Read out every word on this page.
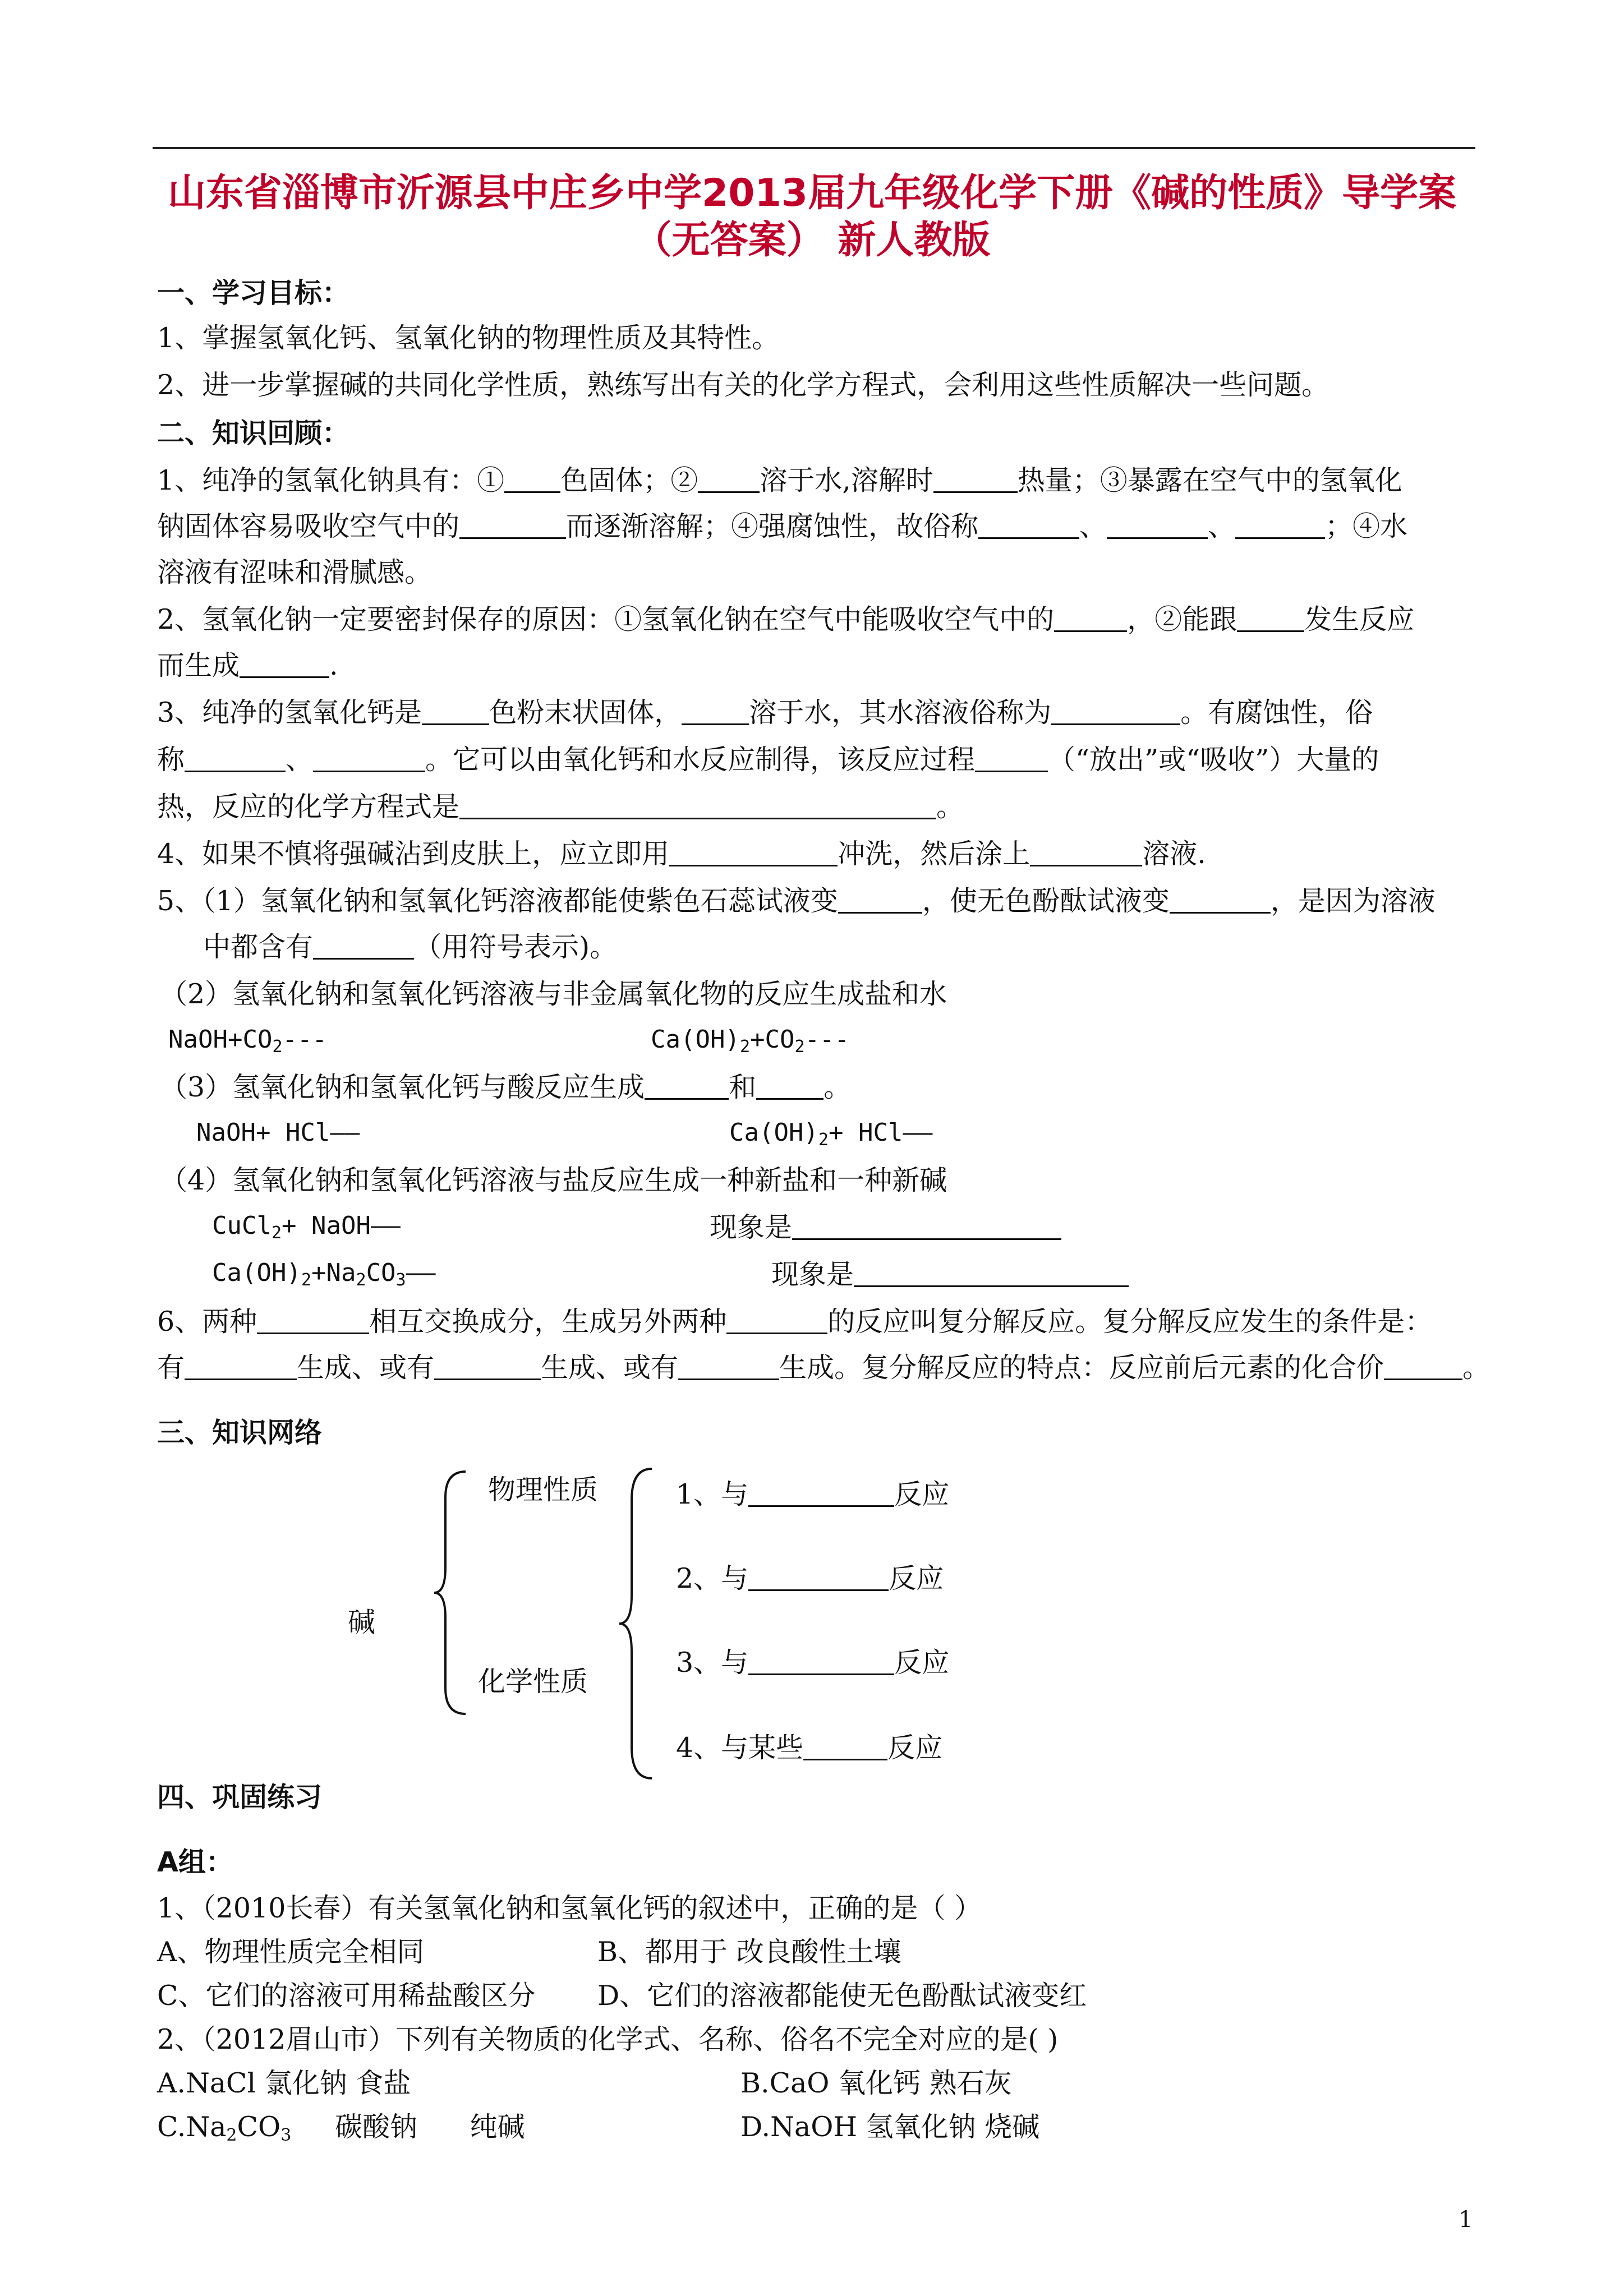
山东省淄博市沂源县中庄乡中学2013届九年级化学下册《碱的性质》导学案
（无答案） 新人教版
一、学习目标：
1、掌握氢氧化钙、氢氧化钠的物理性质及其特性。
2、进一步掌握碱的共同化学性质，熟练写出有关的化学方程式，会利用这些性质解决一些问题。
二、知识回顾：
1、纯净的氢氧化钠具有：① 色固体；② 溶于水,溶解时	热量；③暴露在空气中的氢氧化
钠固体容易吸收空气中的	而逐渐溶解；④强腐蚀性，故俗称	、	、	；④水
溶液有涩味和滑腻感。
2、氢氧化钠一定要密封保存的原因：①氢氧化钠在空气中能吸收空气中的	，②能跟 发生反应
而生成	.
3、纯净的氢氧化钙是 色粉末状固体， 溶于水，其水溶液俗称为	。有腐蚀性，俗
称	、	。它可以由氧化钙和水反应制得，该反应过程	（“放出”或“吸收”）大量的
热，反应的化学方程式是	。
4、如果不慎将强碱沾到皮肤上，应立即用	冲洗，然后涂上	溶液.
5、（1）氢氧化钠和氢氧化钙溶液都能使紫色石蕊试液变	，使无色酚酞试液变	，是因为溶液
中都含有	（用符号表示)。
（2）氢氧化钠和氢氧化钙溶液与非金属氧化物的反应生成盐和水
$NaOH+CO_2---$	$Ca(OH)_2+CO_2---$
（3）氢氧化钠和氢氧化钙与酸反应生成	和 。
NaOH+ HCl——	$Ca(OH)_2+$ HCl——
（4）氢氧化钠和氢氧化钙溶液与盐反应生成一种新盐和一种新碱
CuCl$_2$+ NaOH——	现象是
$Ca(OH)_2+Na_2CO_3——$	现象是
6、两种	相互交换成分，生成另外两种	的反应叫复分解反应。复分解反应发生的条件是：
有	生成、或有	生成、或有	生成。复分解反应的特点：反应前后元素的化合价	。
三、知识网络
碱
物理性质
化学性质
1、与	反应
2、与	反应
3、与	反应
4、与某些	反应
四、巩固练习
A组：
1、（2010长春）有关氢氧化钠和氢氧化钙的叙述中，正确的是（ ）
A、物理性质完全相同	B、都用于 改良酸性土壤
C、它们的溶液可用稀盐酸区分 D、它们的溶液都能使无色酚酞试液变红
2、（2012眉山市）下列有关物质的化学式、名称、俗名不完全对应的是( )
A.NaCl 氯化钠 食盐	B.CaO 氧化钙 熟石灰
$C.Na_2CO_3$     碳酸钠      纯碱	D.NaOH 氢氧化钠 烧碱
1
